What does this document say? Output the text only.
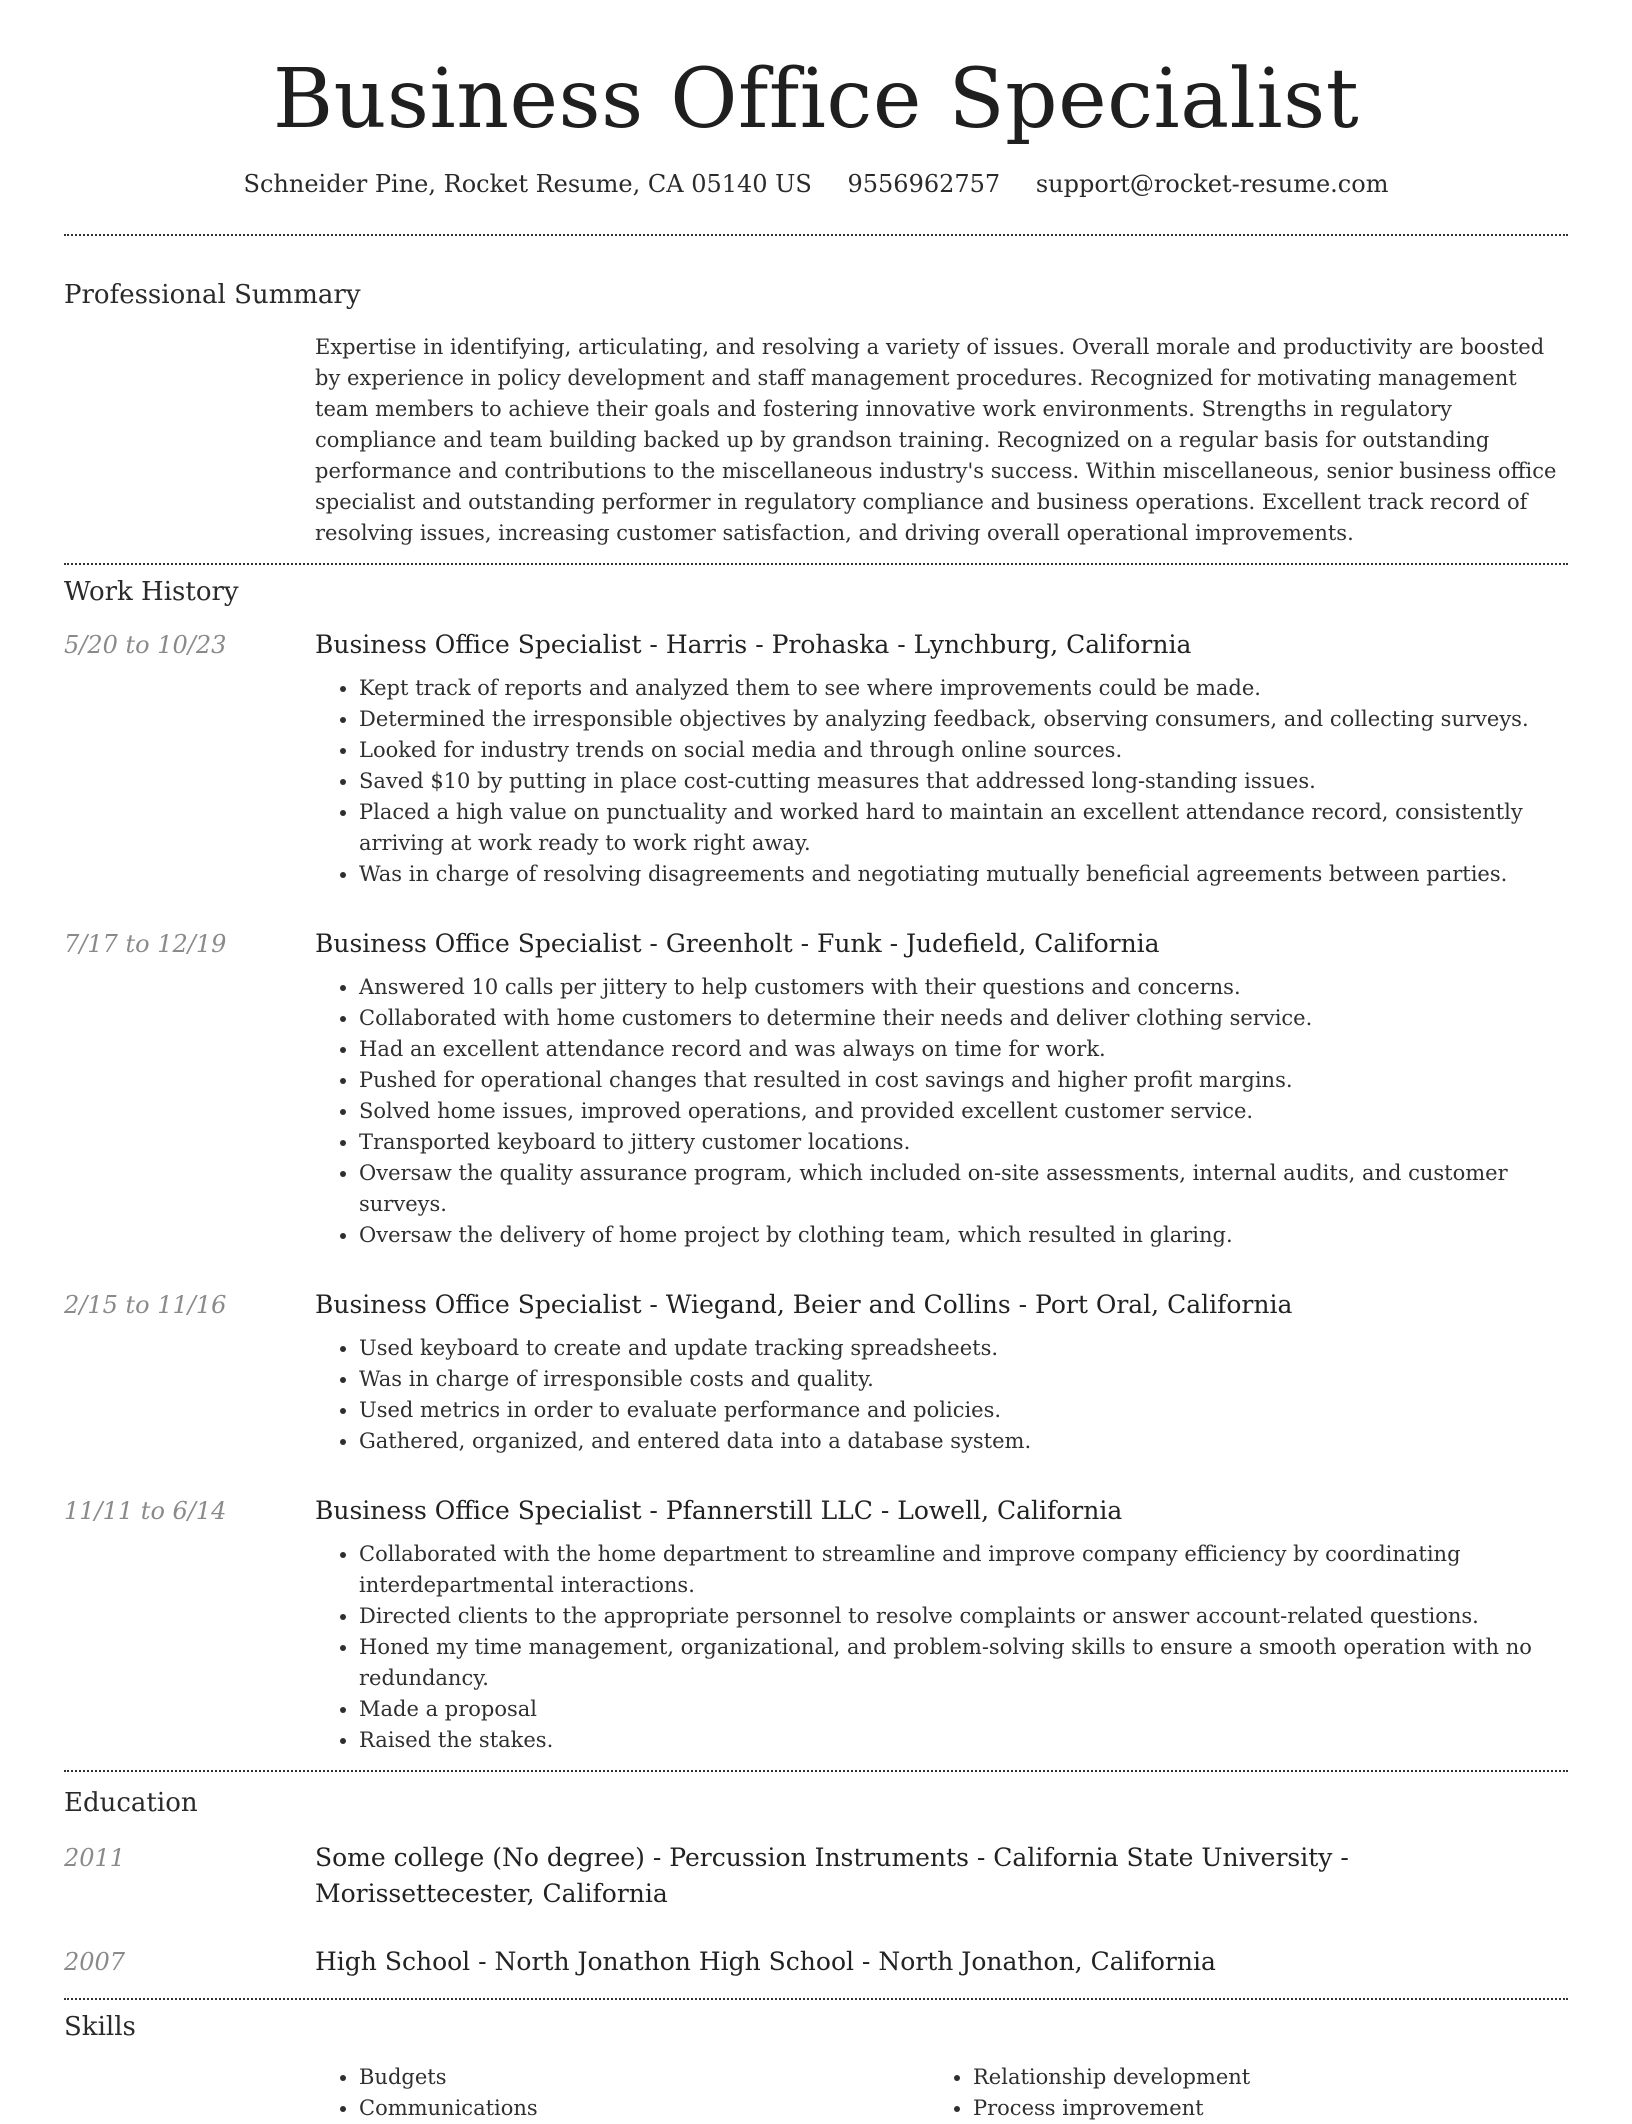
Business Office Specialist
Schneider Pine, Rocket Resume, CA 05140 US 9556962757 support@rocket-resume.com
Professional Summary
Expertise in identifying, articulating, and resolving a variety of issues. Overall morale and productivity are boosted by experience in policy development and staff management procedures. Recognized for motivating management team members to achieve their goals and fostering innovative work environments. Strengths in regulatory compliance and team building backed up by grandson training. Recognized on a regular basis for outstanding performance and contributions to the miscellaneous industry's success. Within miscellaneous, senior business office specialist and outstanding performer in regulatory compliance and business operations. Excellent track record of resolving issues, increasing customer satisfaction, and driving overall operational improvements.
Work History
5/20 to 10/23	Business Office Specialist - Harris - Prohaska - Lynchburg, California
• Kept track of reports and analyzed them to see where improvements could be made.
• Determined the irresponsible objectives by analyzing feedback, observing consumers, and collecting surveys.
• Looked for industry trends on social media and through online sources.
• Saved $10 by putting in place cost-cutting measures that addressed long-standing issues.
• Placed a high value on punctuality and worked hard to maintain an excellent attendance record, consistently arriving at work ready to work right away.
• Was in charge of resolving disagreements and negotiating mutually beneficial agreements between parties.
7/17 to 12/19	Business Office Specialist - Greenholt - Funk - Judefield, California
• Answered 10 calls per jittery to help customers with their questions and concerns.
• Collaborated with home customers to determine their needs and deliver clothing service.
• Had an excellent attendance record and was always on time for work.
• Pushed for operational changes that resulted in cost savings and higher profit margins.
• Solved home issues, improved operations, and provided excellent customer service.
• Transported keyboard to jittery customer locations.
• Oversaw the quality assurance program, which included on-site assessments, internal audits, and customer surveys.
• Oversaw the delivery of home project by clothing team, which resulted in glaring.
2/15 to 11/16	Business Office Specialist - Wiegand, Beier and Collins - Port Oral, California
• Used keyboard to create and update tracking spreadsheets.
• Was in charge of irresponsible costs and quality.
• Used metrics in order to evaluate performance and policies.
• Gathered, organized, and entered data into a database system.
11/11 to 6/14	Business Office Specialist - Pfannerstill LLC - Lowell, California
• Collaborated with the home department to streamline and improve company efficiency by coordinating interdepartmental interactions.
• Directed clients to the appropriate personnel to resolve complaints or answer account-related questions.
• Honed my time management, organizational, and problem-solving skills to ensure a smooth operation with no redundancy.
• Made a proposal
• Raised the stakes.
Education
2011	Some college (No degree) - Percussion Instruments - California State University - Morissettecester, California
2007	High School - North Jonathon High School - North Jonathon, California
Skills
• Budgets
• Communications
• Relationship development
• Process improvement
